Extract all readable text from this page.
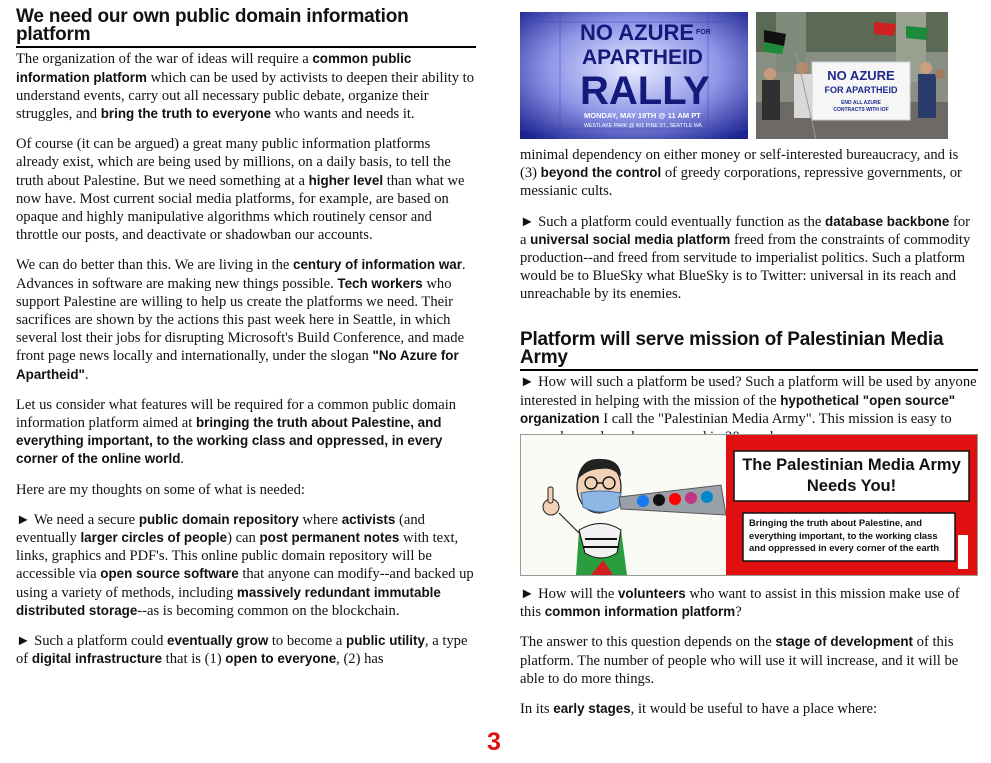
We need our own public domain information platform

The organization of the war of ideas will require a common public information platform which can be used by activists to deepen their ability to understand events, carry out all necessary public debate, organize their struggles, and bring the truth to everyone who wants and needs it.

Of course (it can be argued) a great many public information platforms already exist, which are being used by millions, on a daily basis, to tell the truth about Palestine. But we need something at a higher level than what we now have. Most current social media platforms, for example, are based on opaque and highly manipulative algorithms which routinely censor and throttle our posts, and deactivate or shadowban our accounts.

We can do better than this. We are living in the century of information war. Advances in software are making new things possible. Tech workers who support Palestine are willing to help us create the platforms we need. Their sacrifices are shown by the actions this past week here in Seattle, in which several lost their jobs for disrupting Microsoft's Build Conference, and made front page news locally and internationally, under the slogan "No Azure for Apartheid".

Let us consider what features will be required for a common public domain information platform aimed at bringing the truth about Palestine, and everything important, to the working class and oppressed, in every corner of the online world.

Here are my thoughts on some of what is needed:

► We need a secure public domain repository where activists (and eventually larger circles of people) can post permanent notes with text, links, graphics and PDF's. This online public domain repository will be accessible via open source software that anyone can modify--and backed up using a variety of methods, including massively redundant immutable distributed storage--as is becoming common on the blockchain.

► Such a platform could eventually grow to become a public utility, a type of digital infrastructure that is (1) open to everyone, (2) has

NO AZURE FOR
APARTHEID
RALLY
MONDAY, MAY 19TH @ 11 AM PT
WESTLAKE PARK @ 401 PINE ST., SEATTLE WA
NO AZURE
FOR APARTHEID
END ALL AZURE
CONTRACTS WITH IOF

minimal dependency on either money or self-interested bureaucracy, and is (3) beyond the control of greedy corporations, repressive governments, or messianic cults.

► Such a platform could eventually function as the database backbone for a universal social media platform freed from the constraints of commodity production--and freed from servitude to imperialist politics. Such a platform would be to BlueSky what BlueSky is to Twitter: universal in its reach and unreachable by its enemies.

Platform will serve mission of Palestinian Media Army

► How will such a platform be used? Such a platform will be used by anyone interested in helping with the mission of the hypothetical "open source" organization I call the "Palestinian Media Army". This mission is easy to

The Palestinian Media Army Needs You!
Bringing the truth about Palestine, and everything important, to the working class and oppressed in every corner of the earth

► How will the volunteers who want to assist in this mission make use of this common information platform?

The answer to this question depends on the stage of development of this platform. The number of people who will use it will increase, and it will be able to do more things.

In its early stages, it would be useful to have a place where:

3
